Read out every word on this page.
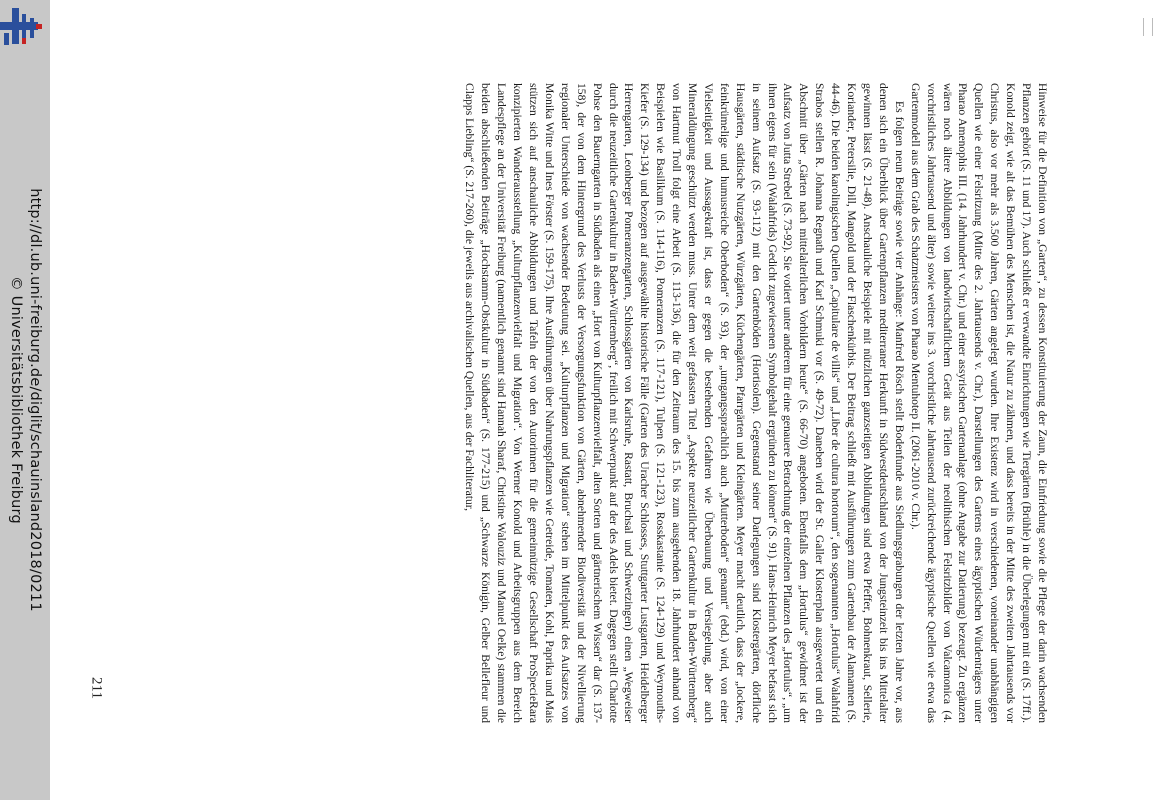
http://dl.ub.uni-freiburg.de/diglit/schauinsland2018/0211
© Universitätsbibliothek Freiburg
211	Hinweise für die Definition von „Garten“, zu dessen Konstituierung der Zaun, die Einfriedung sowie die Pflege der darin wachsenden Pflanzen gehört (S. 11 und 17). Auch schließt er verwandte Einrichtungen wie Tiergärten (Brühle) in die Überlegungen mit ein (S. 17ff.). Konold zeigt, wie alt das Bemühen des Menschen ist, die Natur zu zähmen, und dass bereits in der Mitte des zweiten Jahrtausends vor Christus, also vor mehr als 3.500 Jahren, Gärten angelegt wurden. Ihre Existenz wird in verschiedenen, voneinander unabhängigen Quellen wie einer Felsritzung (Mitte des 2. Jahrtausends v. Chr.), Darstellungen des Gartens eines ägyptischen Würdenträgers unter Pharao Amenophis III. (14. Jahrhundert v. Chr.) und einer assyrischen Gartenanlage (ohne Angabe zur Datierung) bezeugt. Zu ergänzen wären noch ältere Abbildungen von landwirtschaftlichem Gerät aus Teilen der neolithischen Felsritzbilder von Valcamonica (4. vorchristliches Jahrtausend und älter) sowie weitere ins 3. vorchristliche Jahrtausend zurückreichende ägyptische Quellen wie etwa das Gartenmodell aus dem Grab des Schatzmeisters von Pharao Mentuhotep II. (2061-2010 v. Chr.).

Es folgen neun Beiträge sowie vier Anhänge: Manfred Rösch stellt Bodenfunde aus Siedlungsgrabungen der letzten Jahre vor, aus denen sich ein Überblick über Gartenpflanzen mediterraner Herkunft in Südwestdeutschland von der Jungsteinzeit bis ins Mittelalter gewinnen lässt (S. 21-48). Anschauliche Beispiele mit nützlichen ganzseitigen Abbildungen sind etwa Pfeffer, Bohnenkraut, Sellerie, Koriander, Petersilie, Dill, Mangold und der Flaschenkürbis. Der Beitrag schließt mit Ausführungen zum Gartenbau der Alamannen (S. 44-46). Die beiden karolingischen Quellen „Capitulare de villis“ und „Liber de cultura hortorum“, den sogenannten „Hortulus“ Walahfrid Strabos stellen R. Johanna Regnath und Karl Schmuki vor (S. 49-72). Daneben wird der St. Galler Klosterplan ausgewertet und ein Abschnitt über „Gärten nach mittelalterlichen Vorbildern heute“ (S. 66-70) angeboten. Ebenfalls dem „Hortulus“ gewidmet ist der Aufsatz von Jutta Strebel (S. 73-92). Sie votiert unter anderem für eine genauere Betrachtung der einzelnen Pflanzen des „Hortulus“, „um ihnen eigens für sein (Walahfrids) Gedicht zugewiesenen Symbolgehalt ergründen zu können“ (S. 91). Hans-Heinrich Meyer befasst sich in seinem Aufsatz (S. 93-112) mit den Gartenböden (Hortisolen). Gegenstand seiner Darlegungen sind Klostergärten, dörfliche Hausgärten, städtische Nutzgärten, Würzgärten, Küchengärten, Pfarrgärten und Kleingärten. Meyer macht deutlich, dass der „lockere, feinkrümelige und humusreiche Oberboden“ (S. 93), der „umgangssprachlich auch „Mutterboden“ genannt“ (ebd.) wird, von einer Vielseitigkeit und Aussagekraft ist, dass er gegen die bestehenden Gefahren wie Überbauung und Versiegelung, aber auch Mineraldüngung geschützt werden muss. Unter dem weit gefassten Titel „Aspekte neuzeitlicher Gartenkultur in Baden-Württemberg“ von Hartmut Troll folgt eine Arbeit (S. 113-136), die für den Zeitraum des 15. bis zum ausgehenden 18. Jahrhundert anhand von Beispielen wie Basilikum (S. 114-116), Pomeranzen (S. 117-121), Tulpen (S. 121-123), Rosskastanie (S. 124-129) und Weymouths-Kiefer (S. 129-134) und bezogen auf ausgewählte historische Fälle (Garten des Uracher Schlosses, Stuttgarter Lustgarten, Heidelberger Herrengarten, Leonberger Pomeranzengarten, Schlossgärten von Karlsruhe, Rastatt, Bruchsal und Schwetzingen) einen „Wegweiser durch die neuzeitliche Gartenkultur in Baden-Württemberg“, freilich mit Schwerpunkt auf der des Adels bietet. Dagegen stellt Charlotte Pohse den Bauerngarten in Südbaden als einen „Hort von Kulturpflanzenvielfalt, alten Sorten und gärtnerischem Wissen“ dar (S. 137-158), der von dem Hintergrund des Verlusts der Versorgungsfunktion von Gärten, abnehmender Biodiversität und der Nivellierung regionaler Unterschiede von wachsender Bedeutung sei. „Kulturpflanzen und Migration“ stehen im Mittelpunkt des Aufsatzes von Monika Witte und Ines Förster (S. 159-175). Ihre Ausführungen über Nahrungspflanzen wie Getreide, Tomaten, Kohl, Paprika und Mais stützen sich auf anschauliche Abbildungen und Tafeln der von den Autorinnen für die gemeinnützige Gesellschaft ProSpecieRara konzipierten Wanderausstellung „Kulturpflanzenvielfalt und Migration“. Von Werner Konold und Arbeitsgruppen aus dem Bereich Landespflege an der Universität Freiburg (namentlich genannt sind Hannah Sharaf, Christine Walouziz und Manuel Oelke) stammen die beiden abschließenden Beiträge „Hochstamm-Obstkultur in Südbaden“ (S. 177-215) und „Schwarze Königin, Gelber Bellefleur und Clapps Liebling“ (S. 217-260), die jeweils aus archivalischen Quellen, aus der Fachliteratur,
